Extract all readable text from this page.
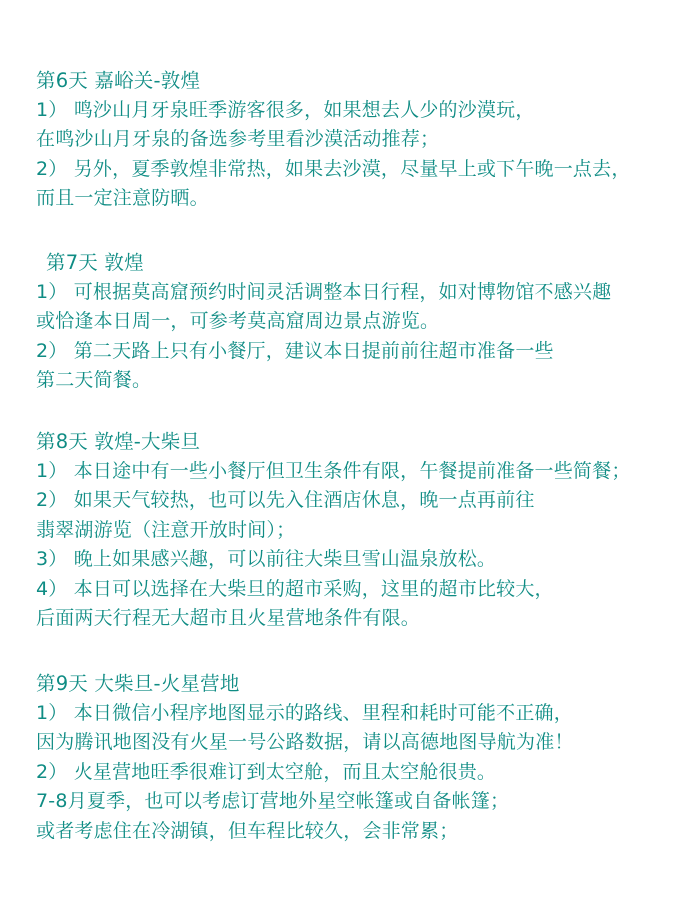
第6天 嘉峪关-敦煌
1） 鸣沙山月牙泉旺季游客很多，如果想去人少的沙漠玩，
在鸣沙山月牙泉的备选参考里看沙漠活动推荐；
2） 另外，夏季敦煌非常热，如果去沙漠，尽量早上或下午晚一点去，
而且一定注意防晒。
第7天 敦煌
1） 可根据莫高窟预约时间灵活调整本日行程，如对博物馆不感兴趣
或恰逢本日周一，可参考莫高窟周边景点游览。
2） 第二天路上只有小餐厅，建议本日提前前往超市准备一些
第二天简餐。
第8天 敦煌-大柴旦
1） 本日途中有一些小餐厅但卫生条件有限，午餐提前准备一些简餐；
2） 如果天气较热，也可以先入住酒店休息，晚一点再前往
翡翠湖游览（注意开放时间）；
3） 晚上如果感兴趣，可以前往大柴旦雪山温泉放松。
4） 本日可以选择在大柴旦的超市采购，这里的超市比较大，
后面两天行程无大超市且火星营地条件有限。
第9天 大柴旦-火星营地
1） 本日微信小程序地图显示的路线、里程和耗时可能不正确，
因为腾讯地图没有火星一号公路数据，请以高德地图导航为准！
2） 火星营地旺季很难订到太空舱，而且太空舱很贵。
7-8月夏季，也可以考虑订营地外星空帐篷或自备帐篷；
或者考虑住在冷湖镇，但车程比较久，会非常累；
